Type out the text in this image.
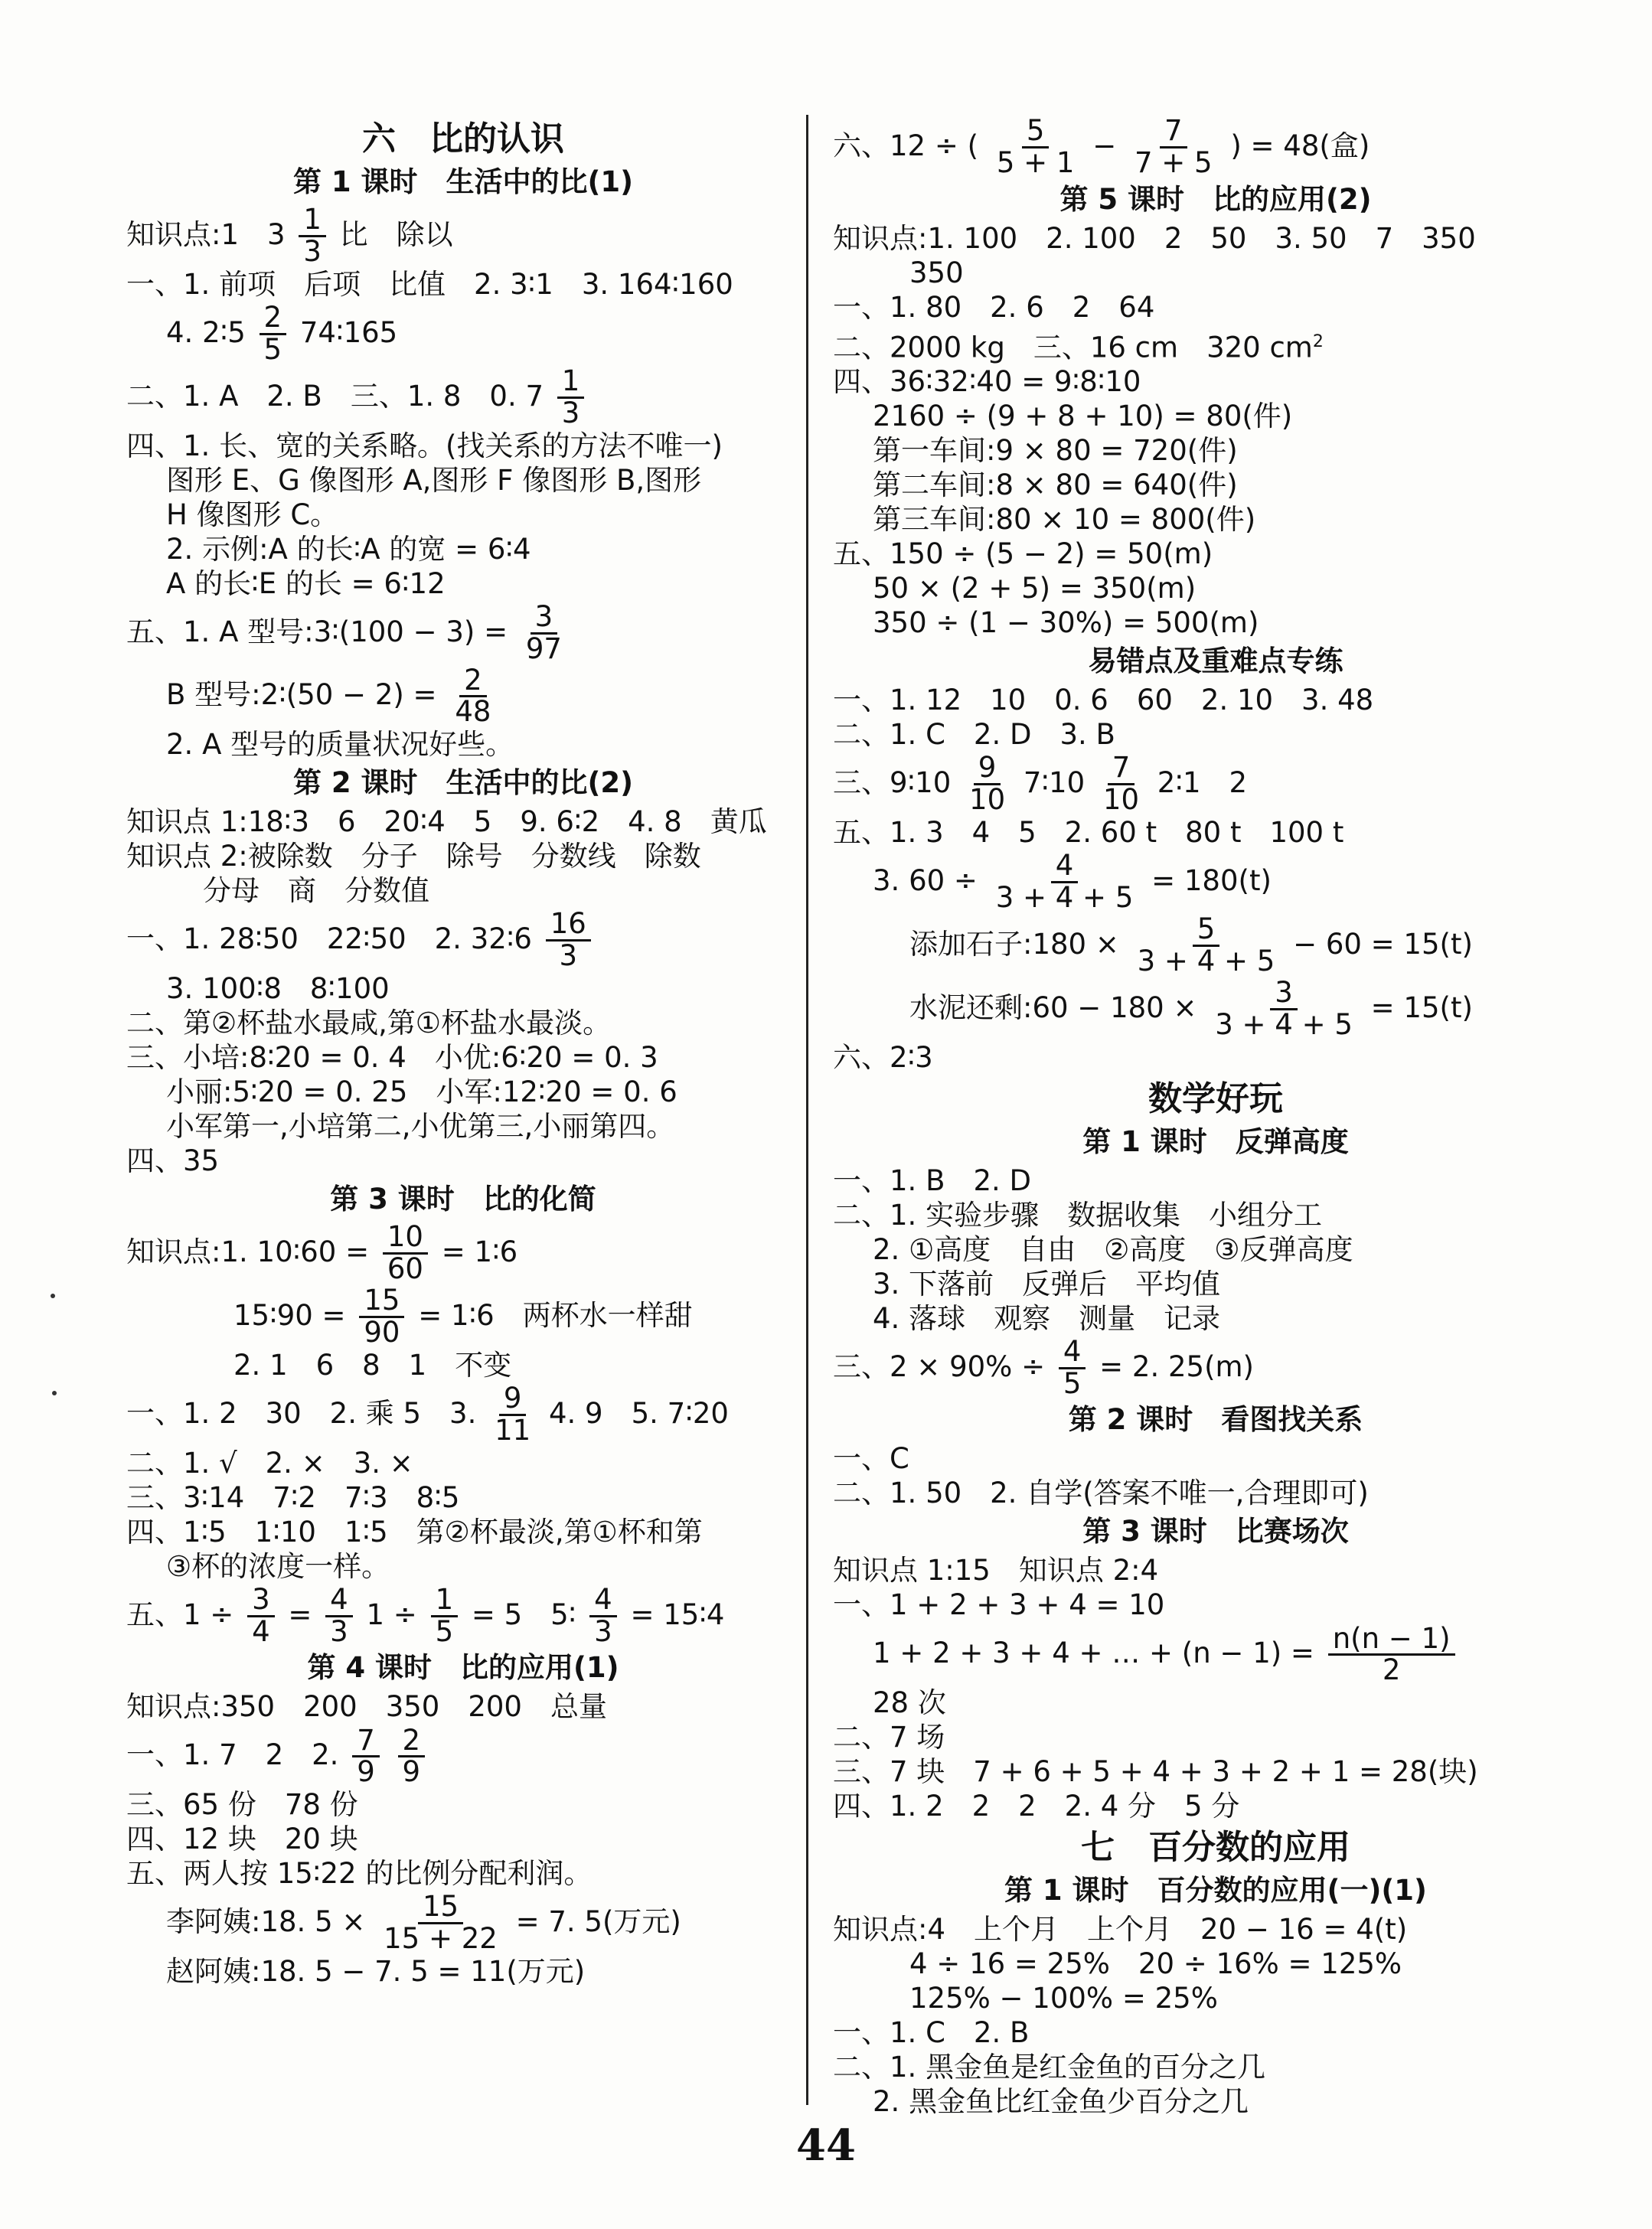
六　比的认识
第 1 课时　生活中的比(1)

知识点:1　$3 \frac{1}{3}$ 比　除以

一、1. 前项　后项　比值　2. 3∶1　3. 164∶160

4. 2∶5 $\frac{2}{5}$ 74∶165

二、1. A　2. B　三、1. 8　0. $7 \frac{1}{3}$

四、1. 长、宽的关系略。(找关系的方法不唯一)

图形 E、G 像图形 A,图形 F 像图形 B,图形

H 像图形 C。

2. 示例:A 的长∶A 的宽 = 6∶4

A 的长∶E 的长 = 6∶12

五、1. A 型号:3∶(100 − $3) = \frac{3}{97}$

B 型号:2∶(50 − $2) = \frac{2}{48}$

2. A 型号的质量状况好些。

第 2 课时　生活中的比(2)

知识点 1:18∶3　6　20∶4　5　9. 6∶2　4. 8　黄瓜

知识点 2:被除数　分子　除号　分数线　除数

分母　商　分数值

一、1. 28∶50　22∶50　2. 32∶6 $\frac{16}{3}$

3. 100∶8　8∶100

二、第②杯盐水最咸,第①杯盐水最淡。

三、小培:8∶20 = 0. 4　小优:6∶20 = 0. 3

小丽:5∶20 = 0. 25　小军:12∶20 = 0. 6

小军第一,小培第二,小优第三,小丽第四。

四、35

第 3 课时　比的化简

知识点:1. 10∶60 = $\frac{10}{60}$ = 1∶6

15∶90 = $\frac{15}{90}$ = 1∶6　两杯水一样甜

2. 1　6　8　1　不变

一、1. 2　30　2. 乘 5　3. $\frac{9}{11} 4$. 9　5. 7∶20

二、1. √　2. ×　3. ×

三、3∶14　7∶2　7∶3　8∶5

四、1∶5　1∶10　1∶5　第②杯最淡,第①杯和第

③杯的浓度一样。

五、$1 \div \frac{3}{4} = \frac{4}{3} 1 \div \frac{1}{5} = 5$　5∶ $\frac{4}{3}$ = 15∶4

第 4 课时　比的应用(1)

知识点:350　200　350　200　总量

一、1. 7　2　2. $\frac{7}{9}$
$\frac{2}{9}$

三、65 份　78 份

四、12 块　20 块

五、两人按 15∶22 的比例分配利润。

李阿姨:18. $5 \times \frac{15}{15 + 22} = 7$. 5(万元)

赵阿姨:18. 5 − 7. 5 = 11(万元)

六、12 ÷ ( $\frac{5}{5 + 1} - \frac{7}{7 + 5}$ ) = 48(盒)

第 5 课时　比的应用(2)

知识点:1. 100　2. 100　2　50　3. 50　7　350

350

一、1. 80　2. 6　2　64

二、2000 kg　三、16 cm　320 $cm^2$

四、36∶32∶40 = 9∶8∶10

2160 ÷ (9 + 8 + 10) = 80(件)

第一车间:9 × 80 = 720(件)

第二车间:8 × 80 = 640(件)

第三车间:80 × 10 = 800(件)

五、150 ÷ (5 − 2) = 50(m)

50 × (2 + 5) = 350(m)

350 ÷ (1 − 30%) = 500(m)

易错点及重难点专练

一、1. 12　10　0. 6　60　2. 10　3. 48

二、1. C　2. D　3. B

三、9∶10 $\frac{9}{10}$ 7∶10 $\frac{7}{10}$ 2∶1　2

五、1. 3　4　5　2. 60 t　80 t　100 t

3. $60 \div \frac{4}{3 + 4 + 5} = 180(t)$

添加石子:180 × $\frac{5}{3 + 4 + 5} - 60 = 15(t)$

水泥还剩:60 − $180 \times \frac{3}{3 + 4 + 5} = 15(t)$

六、2∶3

数学好玩
第 1 课时　反弹高度

一、1. B　2. D

二、1. 实验步骤　数据收集　小组分工

2. ①高度　自由　②高度　③反弹高度

3. 下落前　反弹后　平均值

4. 落球　观察　测量　记录

三、$2 \times 90\% \div \frac{4}{5} = 2$. 25(m)

第 2 课时　看图找关系

一、C

二、1. 50　2. 自学(答案不唯一,合理即可)

第 3 课时　比赛场次

知识点 1:15　知识点 2:4

一、1 + 2 + 3 + 4 = 10

1 + 2 + 3 + 4 + … + $(n - 1) = \frac{n(n - 1)}{2}$

28 次

二、7 场

三、7 块　7 + 6 + 5 + 4 + 3 + 2 + 1 = 28(块)

四、1. 2　2　2　2. 4 分　5 分

七　百分数的应用
第 1 课时　百分数的应用(一)(1)

知识点:4　上个月　上个月　20 − 16 = 4(t)

4 ÷ 16 = 25%　20 ÷ 16% = 125%

125% − 100% = 25%

一、1. C　2. B

二、1. 黑金鱼是红金鱼的百分之几

2. 黑金鱼比红金鱼少百分之几

44
